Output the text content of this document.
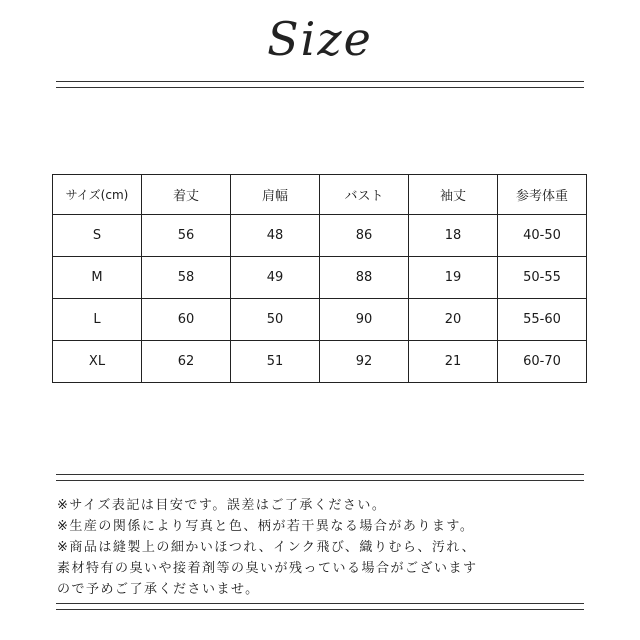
Size
サイズ(cm)	着丈	肩幅	バスト	袖丈	参考体重
S	56	48	86	18	40-50
M	58	49	88	19	50-55
L	60	50	90	20	55-60
XL	62	51	92	21	60-70
※サイズ表記は目安です。誤差はご了承ください。
※生産の関係により写真と色、柄が若干異なる場合があります。
※商品は縫製上の細かいほつれ、インク飛び、織りむら、汚れ、
素材特有の臭いや接着剤等の臭いが残っている場合がございます
ので予めご了承くださいませ。
